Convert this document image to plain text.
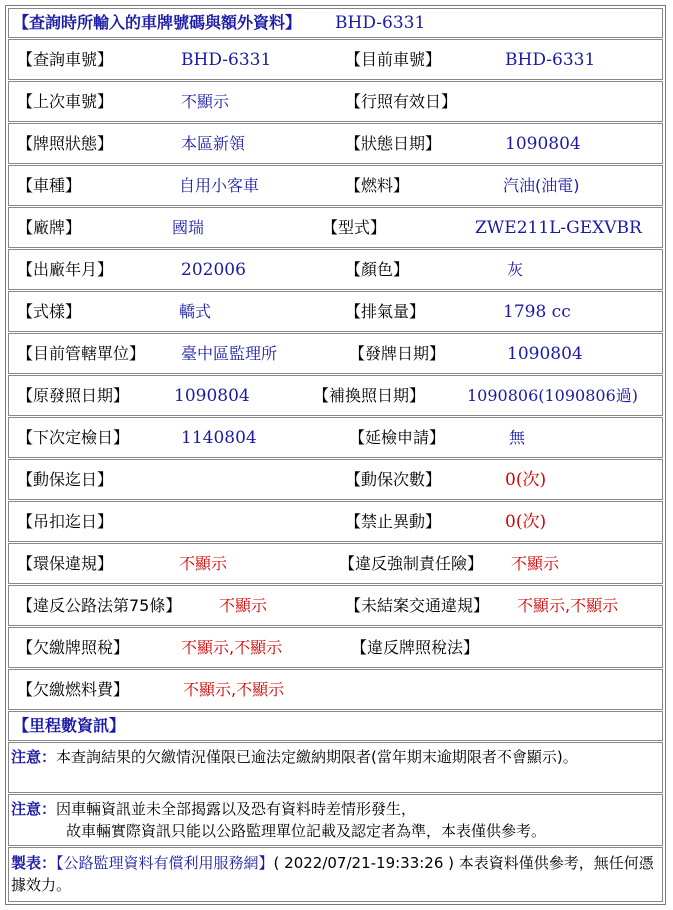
【查詢時所輸入的車牌號碼與額外資料】 BHD-6331
【查詢車號】	BHD-6331	【目前車號】	BHD-6331
【上次車號】	不顯示	【行照有效日】
【牌照狀態】	本區新領	【狀態日期】	1090804
【車種】	自用小客車	【燃料】	汽油(油電)
【廠牌】	國瑞	【型式】	ZWE211L-GEXVBR
【出廠年月】	202006	【顏色】	灰
【式樣】	轎式	【排氣量】	1798 cc
【目前管轄單位】 臺中區監理所	【發牌日期】	1090804
【原發照日期】	1090804	【補換照日期】	1090806(1090806過)
【下次定檢日】	1140804	【延檢申請】	無
【動保迄日】	【動保次數】	0(次)
【吊扣迄日】	【禁止異動】	0(次)
【環保違規】	不顯示	【違反強制責任險】 不顯示
【違反公路法第75條】 不顯示	【未結案交通違規】 不顯示,不顯示
【欠繳牌照稅】	不顯示,不顯示	【違反牌照稅法】
【欠繳燃料費】	不顯示,不顯示
【里程數資訊】
注意：本查詢結果的欠繳情況僅限已逾法定繳納期限者(當年期末逾期限者不會顯示)。
注意：因車輛資訊並未全部揭露以及恐有資料時差情形發生，
故車輛實際資訊只能以公路監理單位記載及認定者為準，本表僅供參考。
製表：【公路監理資料有償利用服務網】( 2022/07/21-19:33:26 ) 本表資料僅供參考，無任何憑據效力。
